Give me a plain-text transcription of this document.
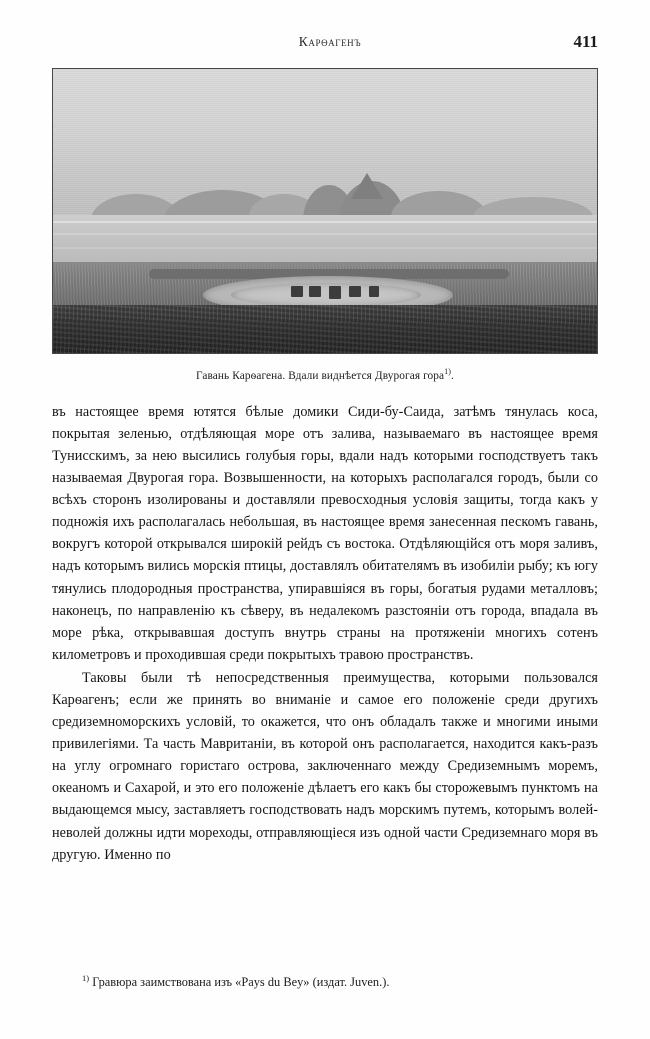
Карѳагенъ	411
Гавань Карѳагена. Вдали виднѣется Двурогая гора$^{1)}$.

въ настоящее время ютятся бѣлые домики Сиди-бу-Саида, затѣмъ тянулась коса, покрытая зеленью, отдѣляющая море отъ залива, называемаго въ настоящее время Тунисскимъ, за нею высились голубыя горы, вдали надъ которыми господствуетъ такъ называемая Двурогая гора. Возвышенности, на которыхъ располагался городъ, были со всѣхъ сторонъ изолированы и доставляли превосходныя условія защиты, тогда какъ у подножія ихъ располагалась небольшая, въ настоящее время занесенная пескомъ гавань, вокругъ которой открывался широкій рейдъ съ востока. Отдѣляющійся отъ моря заливъ, надъ которымъ вились морскія птицы, доставлялъ обитателямъ въ изобиліи рыбу; къ югу тянулись плодородныя пространства, упиравшіяся въ горы, богатыя рудами металловъ; наконецъ, по направленію къ сѣверу, въ недалекомъ разстояніи отъ города, впадала въ море рѣка, открывавшая доступъ внутрь страны на протяженіи многихъ сотенъ километровъ и проходившая среди покрытыхъ травою пространствъ.

Таковы были тѣ непосредственныя преимущества, которыми пользовался Карѳагенъ; если же принять во вниманіе и самое его положеніе среди другихъ средиземноморскихъ условій, то окажется, что онъ обладалъ также и многими иными привилегіями. Та часть Мавританіи, въ которой онъ располагается, находится какъ-разъ на углу огромнаго гористаго острова, заключеннаго между Средиземнымъ моремъ, океаномъ и Сахарой, и это его положеніе дѣлаетъ его какъ бы сторожевымъ пунктомъ на выдающемся мысу, заставляетъ господствовать надъ морскимъ путемъ, которымъ волей-неволей должны идти мореходы, отправляющіеся изъ одной части Средиземнаго моря въ другую. Именно по

$^{1)}$ Гравюра заимствована изъ «Pays du Bey» (издат. Juven.).
